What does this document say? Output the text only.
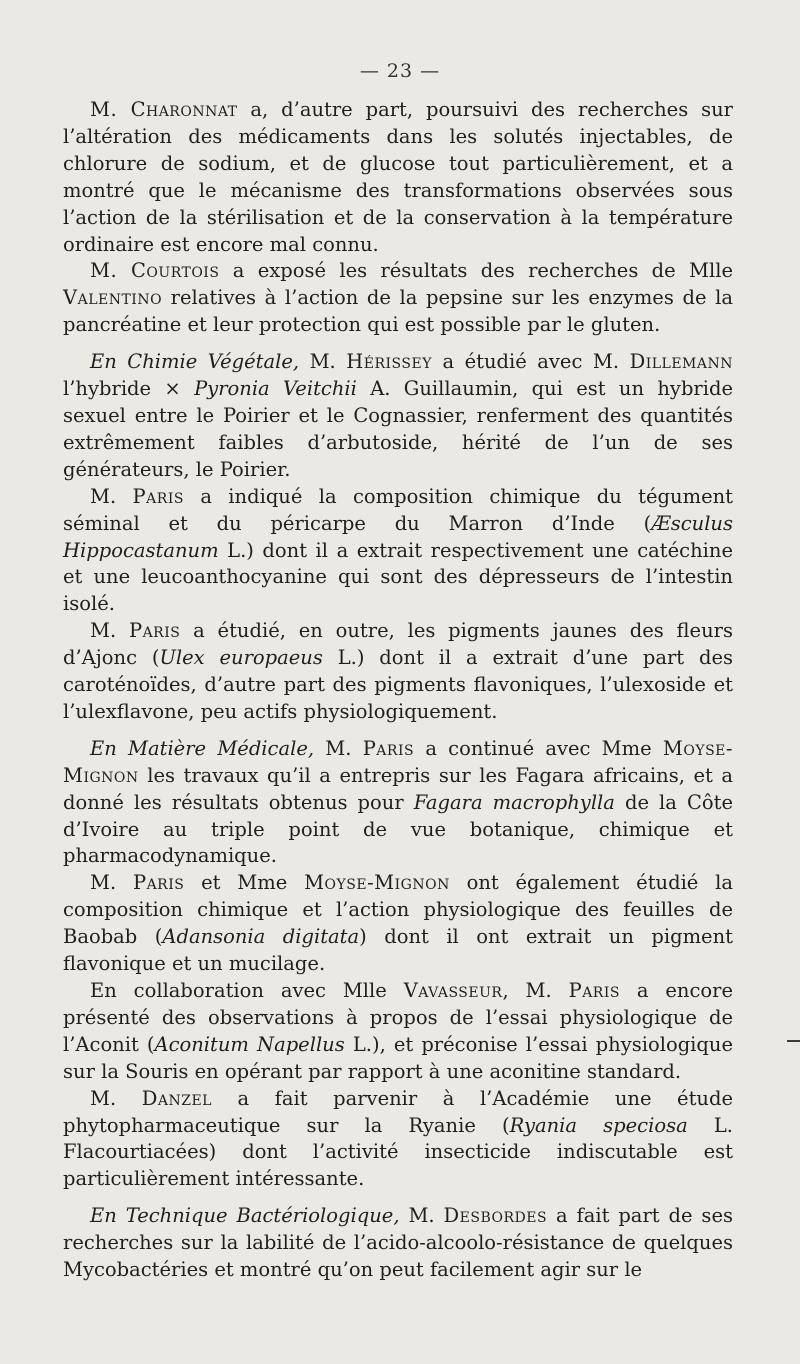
— 23 —

M. Charonnat a, d’autre part, poursuivi des recherches sur l’altération des médicaments dans les solutés injectables, de chlorure de sodium, et de glucose tout particulièrement, et a montré que le mécanisme des transformations observées sous l’action de la stérilisation et de la conservation à la température ordinaire est encore mal connu.

M. Courtois a exposé les résultats des recherches de Mlle Valentino relatives à l’action de la pepsine sur les enzymes de la pancréatine et leur protection qui est possible par le gluten.

En Chimie Végétale, M. Hérissey a étudié avec M. Dillemann l’hybride × Pyronia Veitchii A. Guillaumin, qui est un hybride sexuel entre le Poirier et le Cognassier, renferment des quantités extrêmement faibles d’arbutoside, hérité de l’un de ses générateurs, le Poirier.

M. Paris a indiqué la composition chimique du tégument séminal et du péricarpe du Marron d’Inde (Æsculus Hippocastanum L.) dont il a extrait respectivement une catéchine et une leucoanthocyanine qui sont des dépresseurs de l’intestin isolé.

M. Paris a étudié, en outre, les pigments jaunes des fleurs d’Ajonc (Ulex europaeus L.) dont il a extrait d’une part des caroténoïdes, d’autre part des pigments flavoniques, l’ulexoside et l’ulexflavone, peu actifs physiologiquement.

En Matière Médicale, M. Paris a continué avec Mme Moyse-Mignon les travaux qu’il a entrepris sur les Fagara africains, et a donné les résultats obtenus pour Fagara macrophylla de la Côte d’Ivoire au triple point de vue botanique, chimique et pharmacodynamique.

M. Paris et Mme Moyse-Mignon ont également étudié la composition chimique et l’action physiologique des feuilles de Baobab (Adansonia digitata) dont il ont extrait un pigment flavonique et un mucilage.

En collaboration avec Mlle Vavasseur, M. Paris a encore présenté des observations à propos de l’essai physiologique de l’Aconit (Aconitum Napellus L.), et préconise l’essai physiologique sur la Souris en opérant par rapport à une aconitine standard.

M. Danzel a fait parvenir à l’Académie une étude phytopharmaceutique sur la Ryanie (Ryania speciosa L. Flacourtiacées) dont l’activité insecticide indiscutable est particulièrement intéressante.

En Technique Bactériologique, M. Desbordes a fait part de ses recherches sur la labilité de l’acido-alcoolo-résistance de quelques Mycobactéries et montré qu’on peut facilement agir sur le
